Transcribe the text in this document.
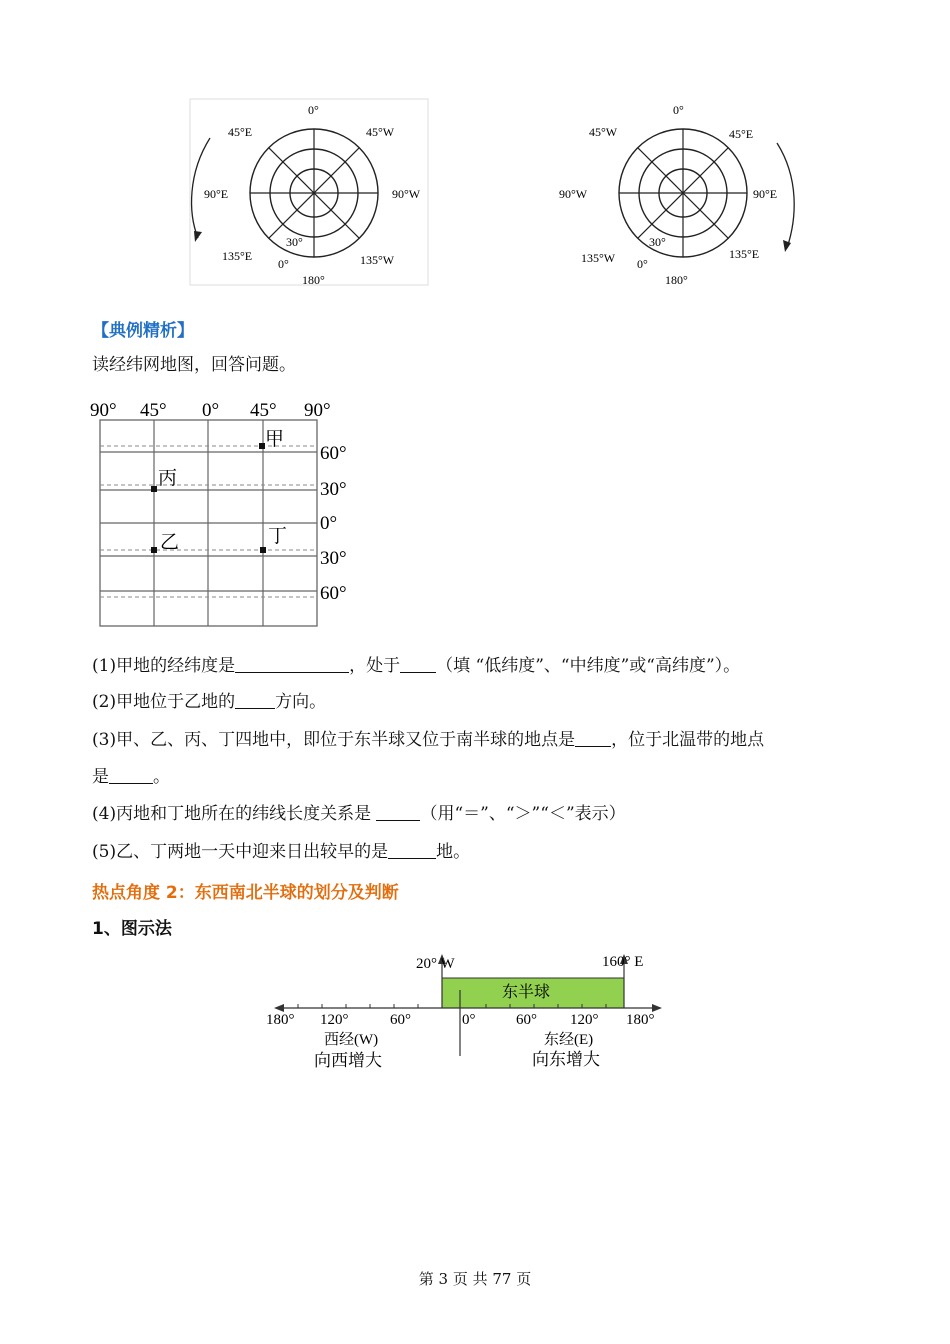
0°
45°E	45°W
90°E	90°W
135°E	135°W
180°
30°
0°
0°
45°W	45°E
90°W	90°E
135°W	135°E
180°
30°
0°
【典例精析】
读经纬网地图，回答问题。
90° 45° 0° 45° 90°
60°
30°
0°
30°
60°
甲
丙
乙	丁
(1)甲地的经纬度是	，处于 （填 “低纬度”、“中纬度”或“高纬度”）。
(2)甲地位于乙地的 方向。
(3)甲、乙、丙、丁四地中，即位于东半球又位于南半球的地点是 ，位于北温带的地点
是	。
(4)丙地和丁地所在的纬线长度关系是	（用“＝”、“＞”“＜”表示）
(5)乙、丁两地一天中迎来日出较早的是	地。
热点角度 2：东西南北半球的划分及判断
1、图示法
20° W	160° E
东半球
180° 120°	60°	0°	60° 120° 180°
西经(W)
向西增大
东经(E)
向东增大
第 3 页 共 77 页
